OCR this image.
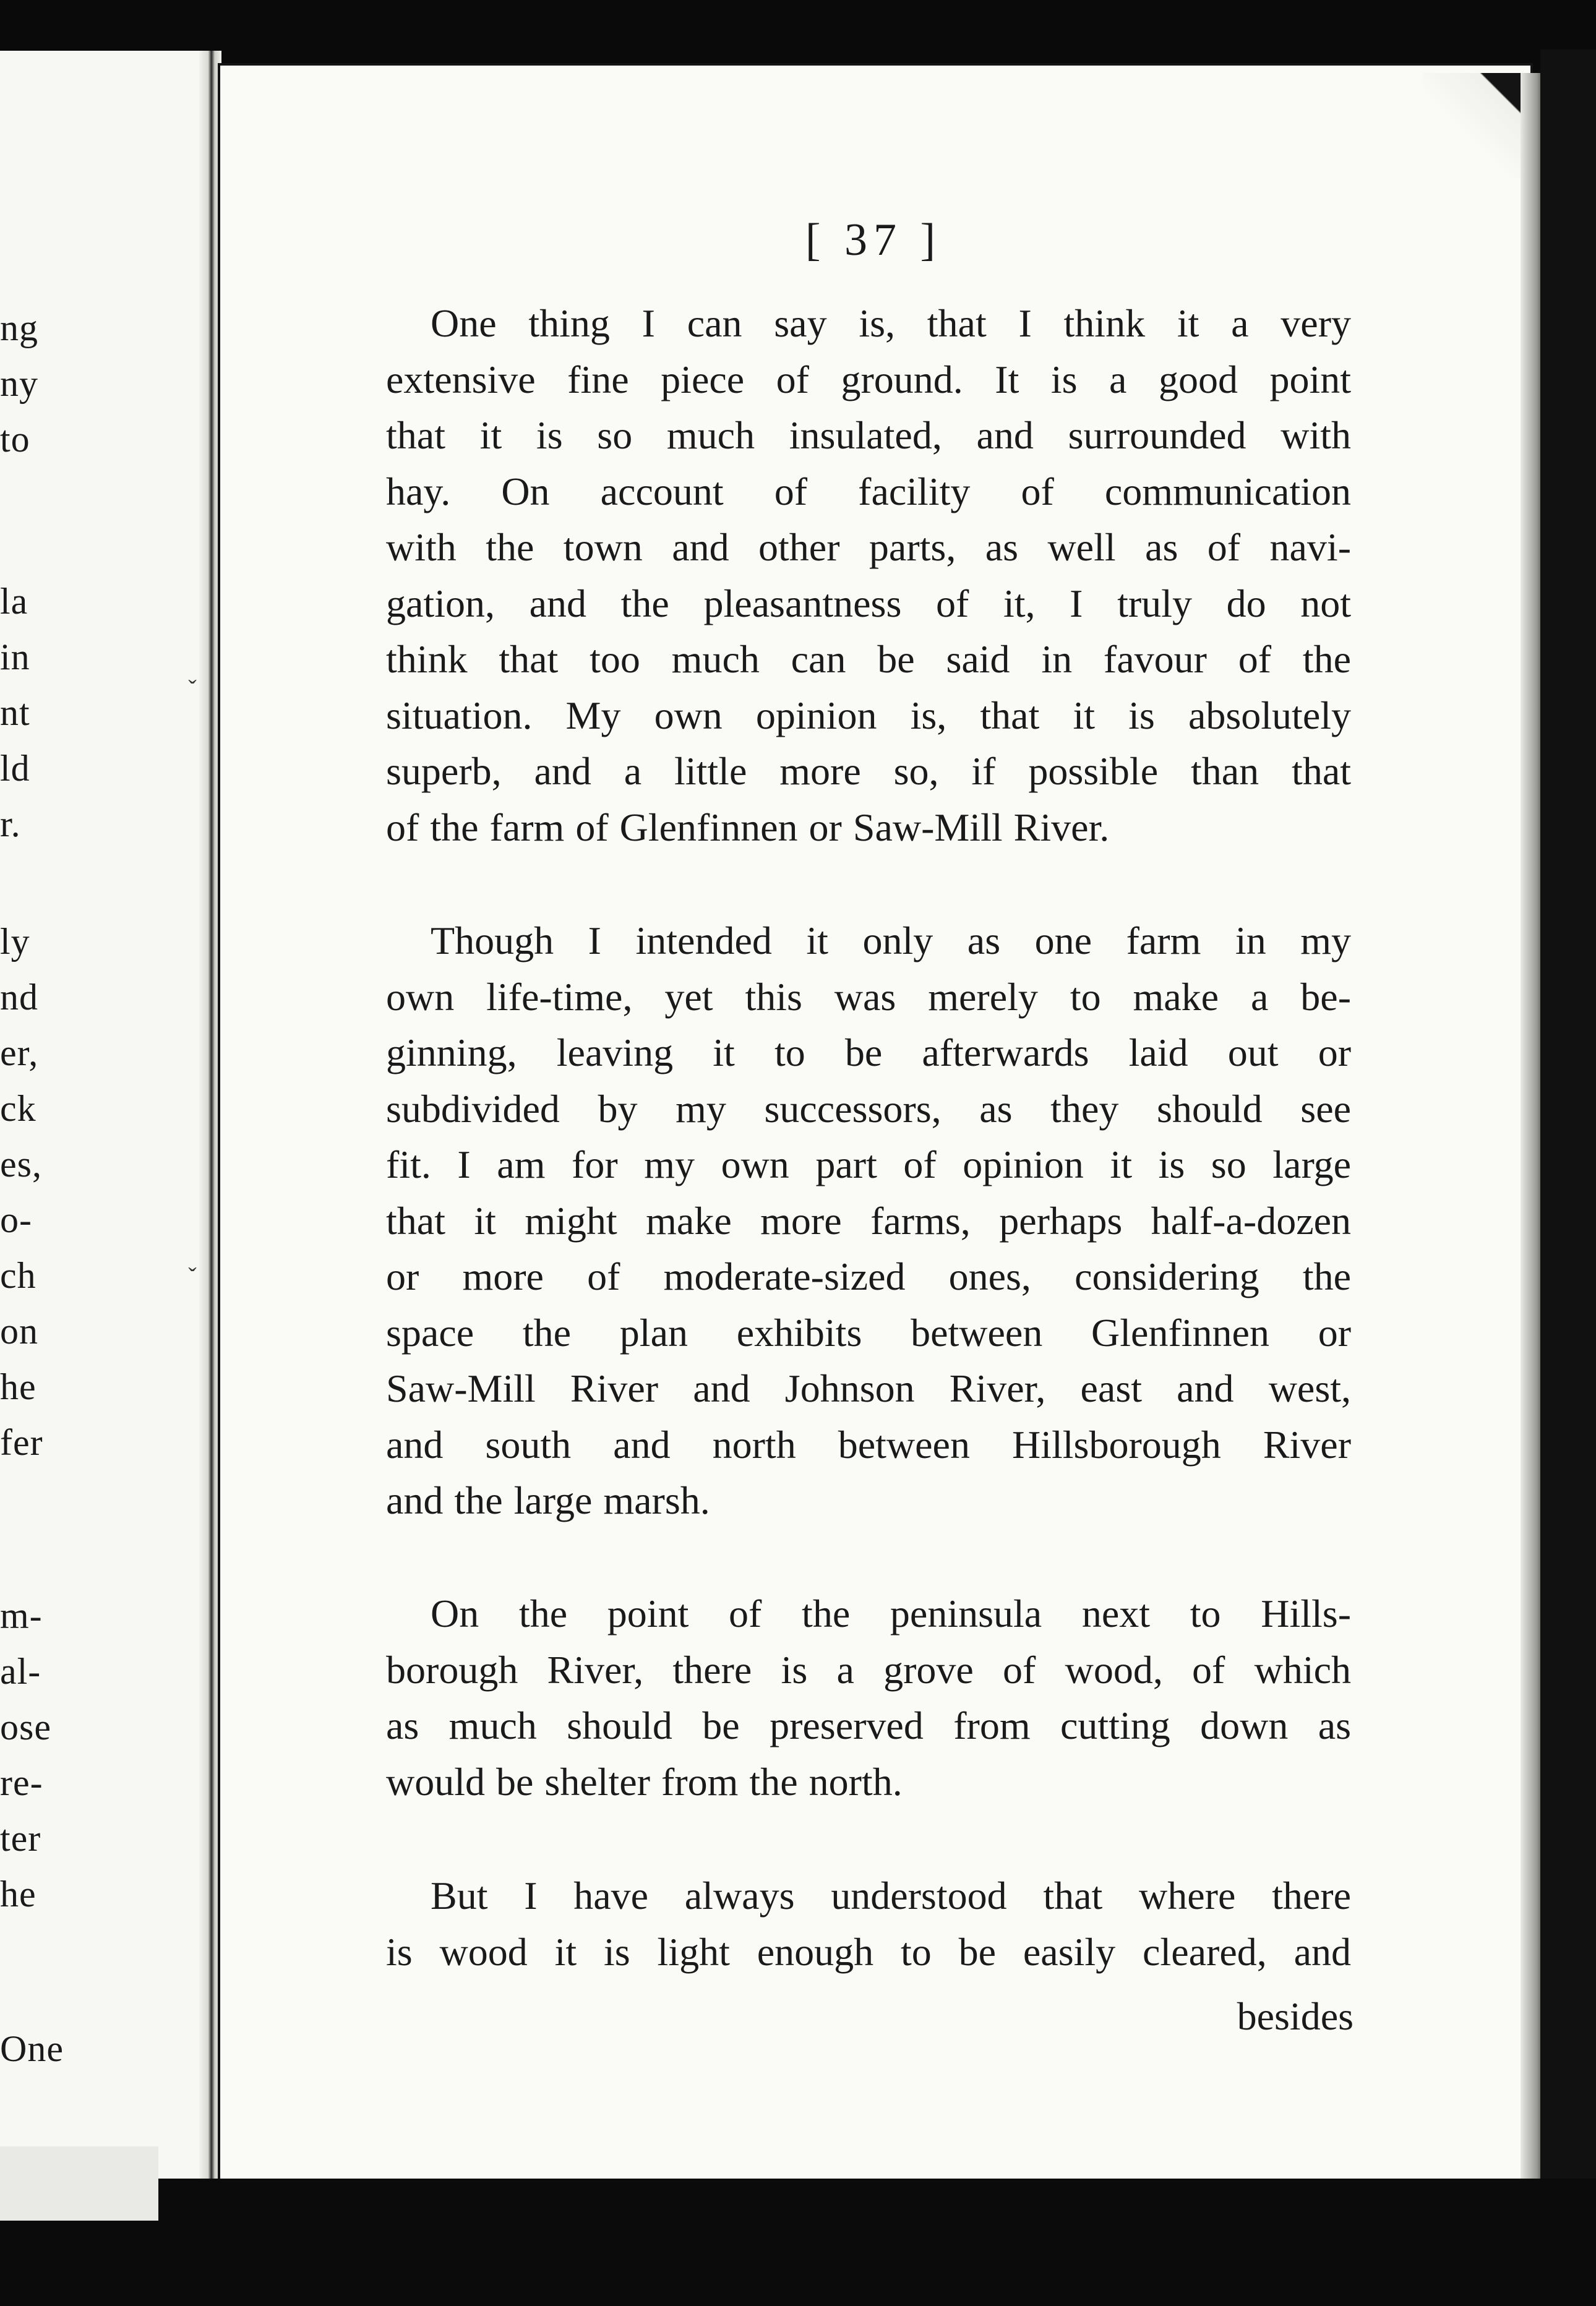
ng
ny
to
la
in
nt
ld
r.
ly
nd
er,
ck
es,
o-
ch
on
he
fer
m-
al-
ose
re-
ter
he
One
ˇ
ˇ
[ 37 ]
One thing I can say is, that I think it a very
extensive fine piece of ground. It is a good point
that it is so much insulated, and surrounded with
hay. On account of facility of communication
with the town and other parts, as well as of navi-
gation, and the pleasantness of it, I truly do not
think that too much can be said in favour of the
situation. My own opinion is, that it is absolutely
superb, and a little more so, if possible than that
of the farm of Glenfinnen or Saw-Mill River.
Though I intended it only as one farm in my
own life-time, yet this was merely to make a be-
ginning, leaving it to be afterwards laid out or
subdivided by my successors, as they should see
fit. I am for my own part of opinion it is so large
that it might make more farms, perhaps half-a-dozen
or more of moderate-sized ones, considering the
space the plan exhibits between Glenfinnen or
Saw-Mill River and Johnson River, east and west,
and south and north between Hillsborough River
and the large marsh.
On the point of the peninsula next to Hills-
borough River, there is a grove of wood, of which
as much should be preserved from cutting down as
would be shelter from the north.
But I have always understood that where there
is wood it is light enough to be easily cleared, and
besides
